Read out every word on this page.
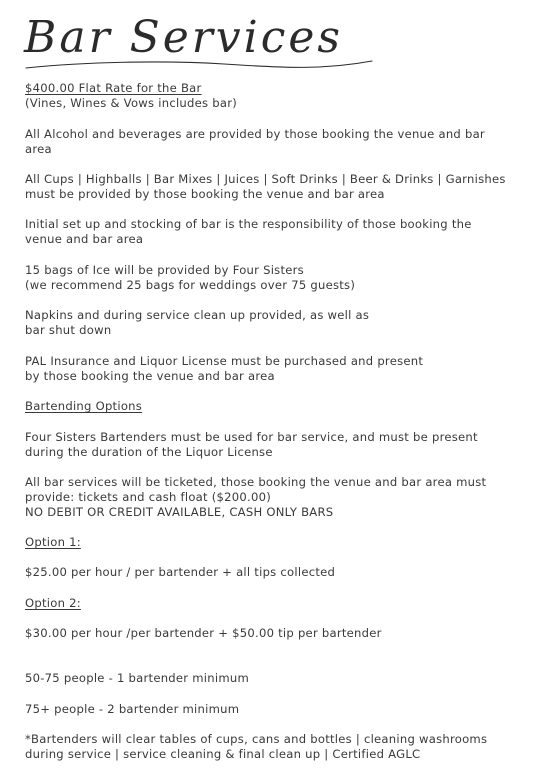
Bar Services

$400.00 Flat Rate for the Bar

(Vines, Wines & Vows includes bar)

All Alcohol and beverages are provided by those booking the venue and bar

area

All Cups | Highballs | Bar Mixes | Juices | Soft Drinks | Beer & Drinks | Garnishes

must be provided by those booking the venue and bar area

Initial set up and stocking of bar is the responsibility of those booking the

venue and bar area

15 bags of Ice will be provided by Four Sisters

(we recommend 25 bags for weddings over 75 guests)

Napkins and during service clean up provided, as well as

bar shut down

PAL Insurance and Liquor License must be purchased and present

by those booking the venue and bar area

Bartending Options

Four Sisters Bartenders must be used for bar service, and must be present

during the duration of the Liquor License

All bar services will be ticketed, those booking the venue and bar area must

provide: tickets and cash float ($200.00)

NO DEBIT OR CREDIT AVAILABLE, CASH ONLY BARS

Option 1:

$25.00 per hour / per bartender + all tips collected

Option 2:

$30.00 per hour /per bartender + $50.00 tip per bartender

50-75 people - 1 bartender minimum

75+ people - 2 bartender minimum

*Bartenders will clear tables of cups, cans and bottles | cleaning washrooms

during service | service cleaning & final clean up | Certified AGLC
